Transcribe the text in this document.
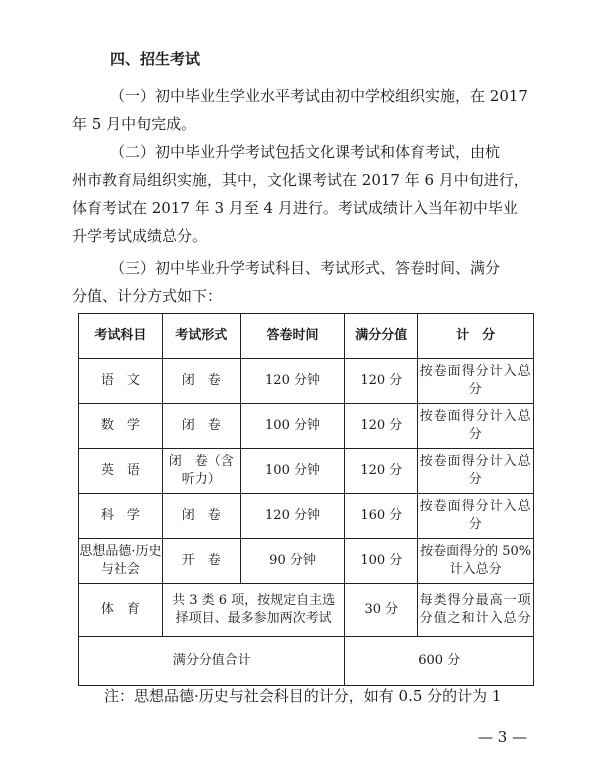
四、招生考试

（一）初中毕业生学业水平考试由初中学校组织实施，在 2017

年 5 月中旬完成。

（二）初中毕业升学考试包括文化课考试和体育考试，由杭

州市教育局组织实施，其中，文化课考试在 2017 年 6 月中旬进行，

体育考试在 2017 年 3 月至 4 月进行。考试成绩计入当年初中毕业

升学考试成绩总分。

（三）初中毕业升学考试科目、考试形式、答卷时间、满分

分值、计分方式如下：

考试科目	考试形式	答卷时间	满分分值	计　分
语　文	闭　卷	120 分钟	120 分	按卷面得分计入总分
数　学	闭　卷	100 分钟	120 分	按卷面得分计入总分
英　语	闭　卷（含听力）	100 分钟	120 分	按卷面得分计入总分
科　学	闭　卷	120 分钟	160 分	按卷面得分计入总分
思想品德·历史与社会	开　卷	90 分钟	100 分	按卷面得分的 50%计入总分
体　育	共 3 类 6 项，按规定自主选择项目、最多参加两次考试		30 分	每类得分最高一项分值之和计入总分
满分分值合计			600 分	
注：思想品德·历史与社会科目的计分，如有 0.5 分的计为 1
— 3 —
